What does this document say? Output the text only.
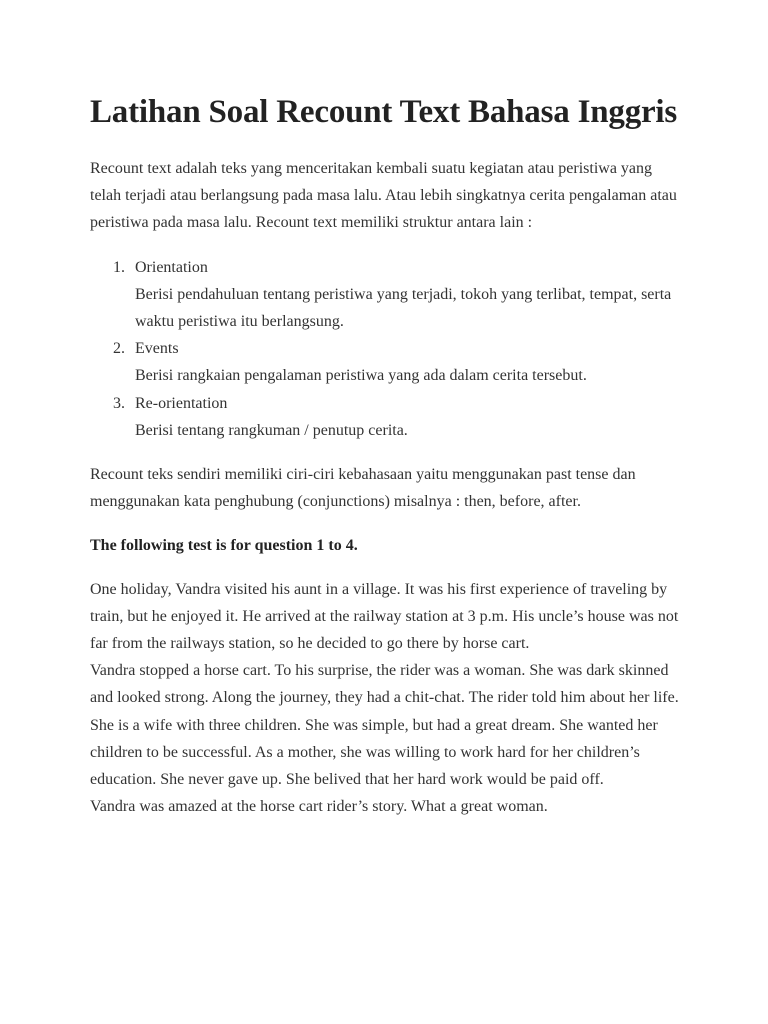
Latihan Soal Recount Text Bahasa Inggris

Recount text adalah teks yang menceritakan kembali suatu kegiatan atau peristiwa yang telah terjadi atau berlangsung pada masa lalu. Atau lebih singkatnya cerita pengalaman atau peristiwa pada masa lalu. Recount text memiliki struktur antara lain :

1. Orientation
Berisi pendahuluan tentang peristiwa yang terjadi, tokoh yang terlibat, tempat, serta waktu peristiwa itu berlangsung.
2. Events
Berisi rangkaian pengalaman peristiwa yang ada dalam cerita tersebut.
3. Re-orientation
Berisi tentang rangkuman / penutup cerita.

Recount teks sendiri memiliki ciri-ciri kebahasaan yaitu menggunakan past tense dan menggunakan kata penghubung (conjunctions) misalnya : then, before, after.

The following test is for question 1 to 4.

One holiday, Vandra visited his aunt in a village. It was his first experience of traveling by train, but he enjoyed it. He arrived at the railway station at 3 p.m. His uncle’s house was not far from the railways station, so he decided to go there by horse cart.
Vandra stopped a horse cart. To his surprise, the rider was a woman. She was dark skinned and looked strong. Along the journey, they had a chit-chat. The rider told him about her life. She is a wife with three children. She was simple, but had a great dream. She wanted her children to be successful. As a mother, she was willing to work hard for her children’s education. She never gave up. She belived that her hard work would be paid off.
Vandra was amazed at the horse cart rider’s story. What a great woman.
